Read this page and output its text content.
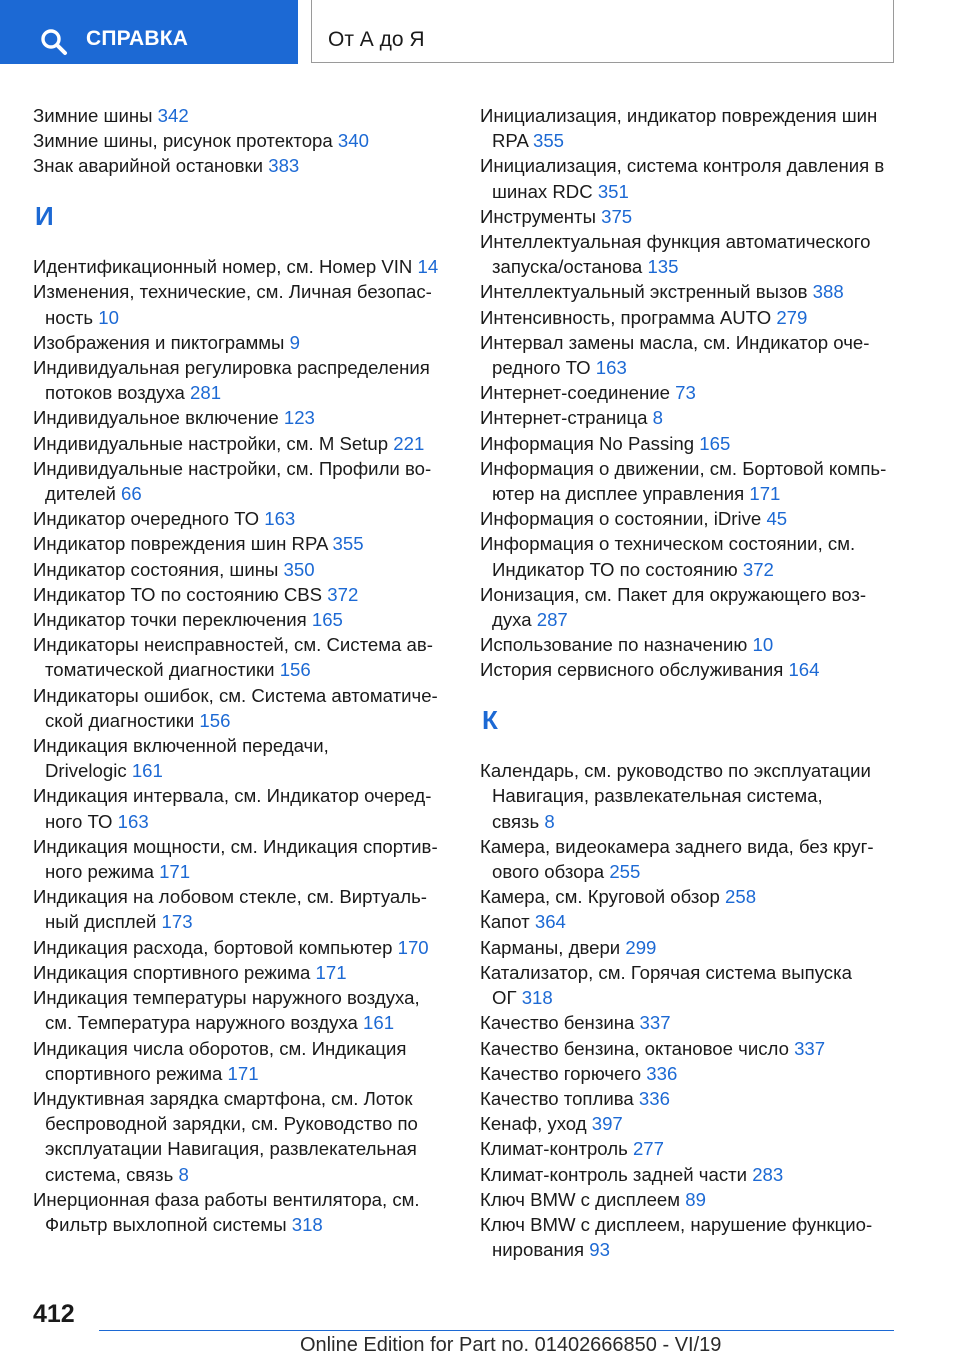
СПРАВКА	От А до Я
Зимние шины 342
Зимние шины, рисунок протектора 340
Знак аварийной остановки 383
И
Идентификационный номер, см. Номер VIN 14
Изменения, технические, см. Личная безопас-
ность 10
Изображения и пиктограммы 9
Индивидуальная регулировка распределения
потоков воздуха 281
Индивидуальное включение 123
Индивидуальные настройки, см. M Setup 221
Индивидуальные настройки, см. Профили во-
дителей 66
Индикатор очередного ТО 163
Индикатор повреждения шин RPA 355
Индикатор состояния, шины 350
Индикатор ТО по состоянию CBS 372
Индикатор точки переключения 165
Индикаторы неисправностей, см. Система ав-
томатической диагностики 156
Индикаторы ошибок, см. Система автоматиче-
ской диагностики 156
Индикация включенной передачи,
Drivelogic 161
Индикация интервала, см. Индикатор очеред-
ного ТО 163
Индикация мощности, см. Индикация спортив-
ного режима 171
Индикация на лобовом стекле, см. Виртуаль-
ный дисплей 173
Индикация расхода, бортовой компьютер 170
Индикация спортивного режима 171
Индикация температуры наружного воздуха,
см. Температура наружного воздуха 161
Индикация числа оборотов, см. Индикация
спортивного режима 171
Индуктивная зарядка смартфона, см. Лоток
беспроводной зарядки, см. Руководство по
эксплуатации Навигация, развлекательная
система, связь 8
Инерционная фаза работы вентилятора, см.
Фильтр выхлопной системы 318
Инициализация, индикатор повреждения шин
RPA 355
Инициализация, система контроля давления в
шинах RDC 351
Инструменты 375
Интеллектуальная функция автоматического
запуска/останова 135
Интеллектуальный экстренный вызов 388
Интенсивность, программа AUTO 279
Интервал замены масла, см. Индикатор оче-
редного ТО 163
Интернет-соединение 73
Интернет-страница 8
Информация No Passing 165
Информация о движении, см. Бортовой компь-
ютер на дисплее управления 171
Информация о состоянии, iDrive 45
Информация о техническом состоянии, см.
Индикатор ТО по состоянию 372
Ионизация, см. Пакет для окружающего воз-
духа 287
Использование по назначению 10
История сервисного обслуживания 164
К
Календарь, см. руководство по эксплуатации
Навигация, развлекательная система,
связь 8
Камера, видеокамера заднего вида, без круг-
ового обзора 255
Камера, см. Круговой обзор 258
Капот 364
Карманы, двери 299
Катализатор, см. Горячая система выпуска
ОГ 318
Качество бензина 337
Качество бензина, октановое число 337
Качество горючего 336
Качество топлива 336
Кенаф, уход 397
Климат-контроль 277
Климат-контроль задней части 283
Ключ BMW с дисплеем 89
Ключ BMW с дисплеем, нарушение функцио-
нирования 93
412
Online Edition for Part no. 01402666850 - VI/19
